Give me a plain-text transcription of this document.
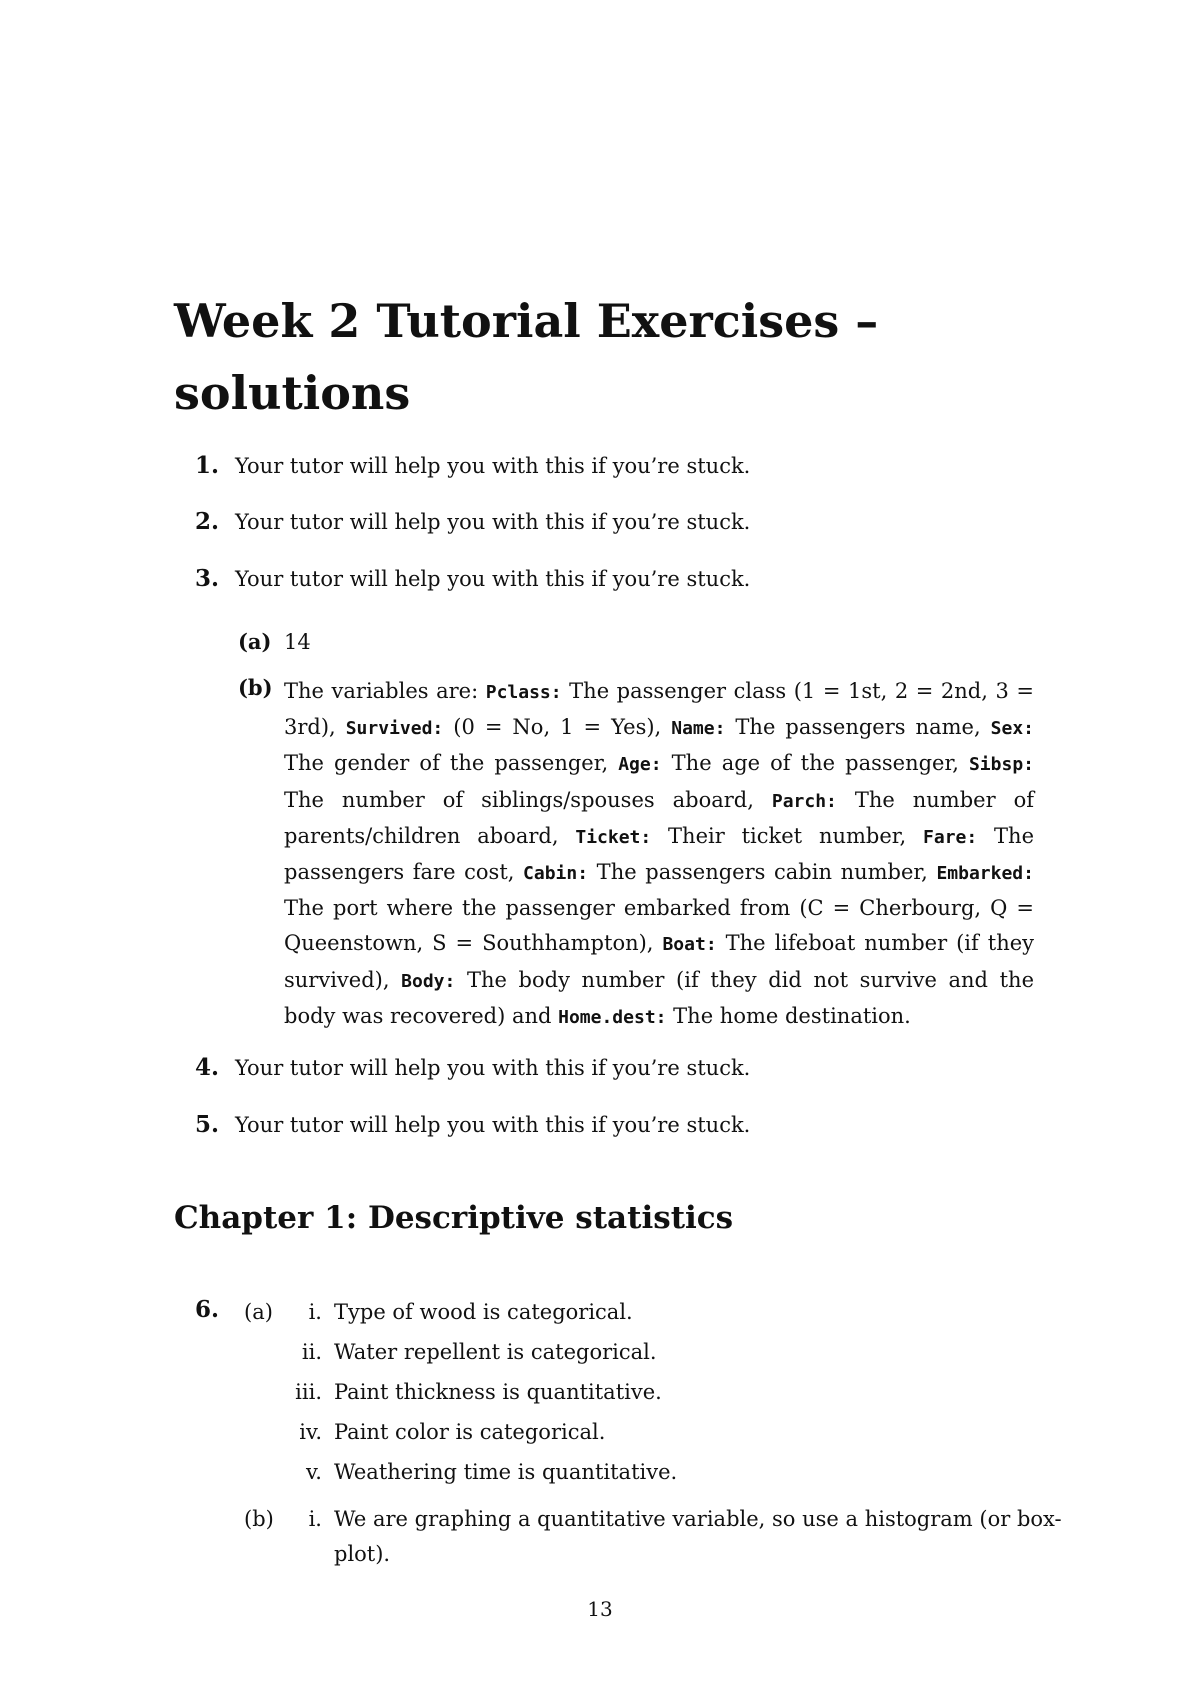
Week 2 Tutorial Exercises – solutions
1. Your tutor will help you with this if you’re stuck.
2. Your tutor will help you with this if you’re stuck.
3. Your tutor will help you with this if you’re stuck.
(a) 14
(b) The variables are: Pclass: The passenger class (1 = 1st, 2 = 2nd, 3 = 3rd), Survived: (0 = No, 1 = Yes), Name: The passengers name, Sex: The gender of the passenger, Age: The age of the passenger, Sibsp: The number of siblings/spouses aboard, Parch: The number of parents/children aboard, Ticket: Their ticket number, Fare: The passengers fare cost, Cabin: The passengers cabin number, Embarked: The port where the passenger embarked from (C = Cherbourg, Q = Queenstown, S = Southhampton), Boat: The lifeboat number (if they survived), Body: The body number (if they did not survive and the body was recovered) and Home.dest: The home destination.

4. Your tutor will help you with this if you’re stuck.
5. Your tutor will help you with this if you’re stuck.
Chapter 1: Descriptive statistics
6. (a)	i. Type of wood is categorical.
ii. Water repellent is categorical.
iii. Paint thickness is quantitative.
iv. Paint color is categorical.
v. Weathering time is quantitative.
(b)	i. We are graphing a quantitative variable, so use a histogram (or box-
plot).
13
